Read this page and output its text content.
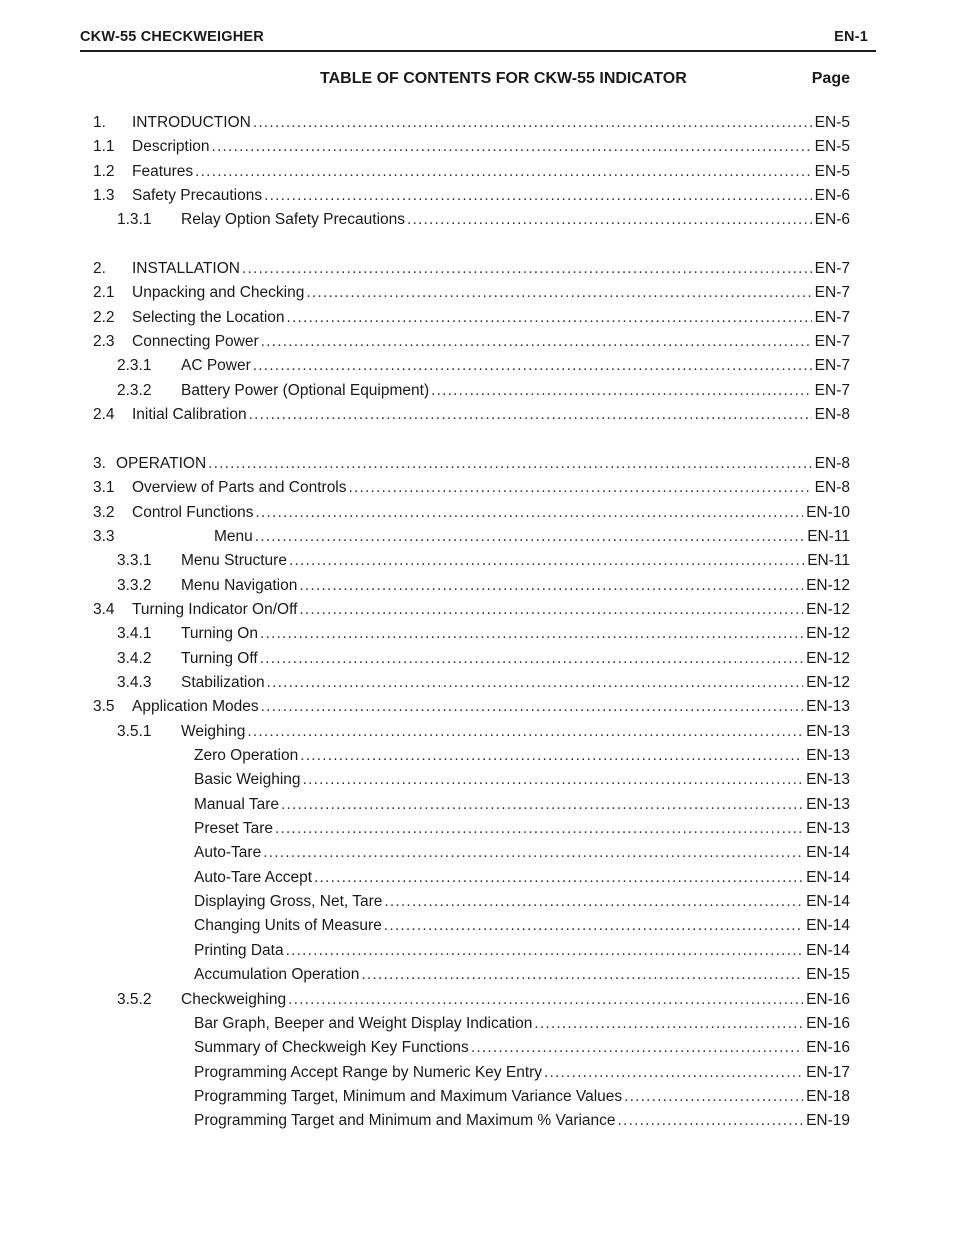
CKW-55 CHECKWEIGHER	EN-1
TABLE OF CONTENTS FOR CKW-55 INDICATOR	Page
1. INTRODUCTION .....	EN-5
1.1 Description .....	EN-5
1.2 Features .....	EN-5
1.3 Safety Precautions .....	EN-6
1.3.1 Relay Option Safety Precautions .....	EN-6
2. INSTALLATION .....	EN-7
2.1 Unpacking and Checking .....	EN-7
2.2 Selecting the Location .....	EN-7
2.3 Connecting Power .....	EN-7
2.3.1 AC Power .....	EN-7
2.3.2 Battery Power (Optional Equipment) .....	EN-7
2.4 Initial Calibration .....	EN-8
3. OPERATION .....	EN-8
3.1 Overview of Parts and Controls .....	EN-8
3.2 Control Functions .....	EN-10
3.3	Menu .....	EN-11
3.3.1 Menu Structure .....	EN-11
3.3.2 Menu Navigation .....	EN-12
3.4 Turning Indicator On/Off .....	EN-12
3.4.1 Turning On .....	EN-12
3.4.2 Turning Off .....	EN-12
3.4.3 Stabilization .....	EN-12
3.5 Application Modes .....	EN-13
3.5.1 Weighing .....	EN-13
Zero Operation .....	EN-13
Basic Weighing .....	EN-13
Manual Tare .....	EN-13
Preset Tare .....	EN-13
Auto-Tare .....	EN-14
Auto-Tare Accept .....	EN-14
Displaying Gross, Net, Tare .....	EN-14
Changing Units of Measure .....	EN-14
Printing Data .....	EN-14
Accumulation Operation .....	EN-15
3.5.2 Checkweighing .....	EN-16
Bar Graph, Beeper and Weight Display Indication .....	EN-16
Summary of Checkweigh Key Functions .....	EN-16
Programming Accept Range by Numeric Key Entry .....	EN-17
Programming Target, Minimum and Maximum Variance Values .....	EN-18
Programming Target and Minimum and Maximum % Variance .....	EN-19
